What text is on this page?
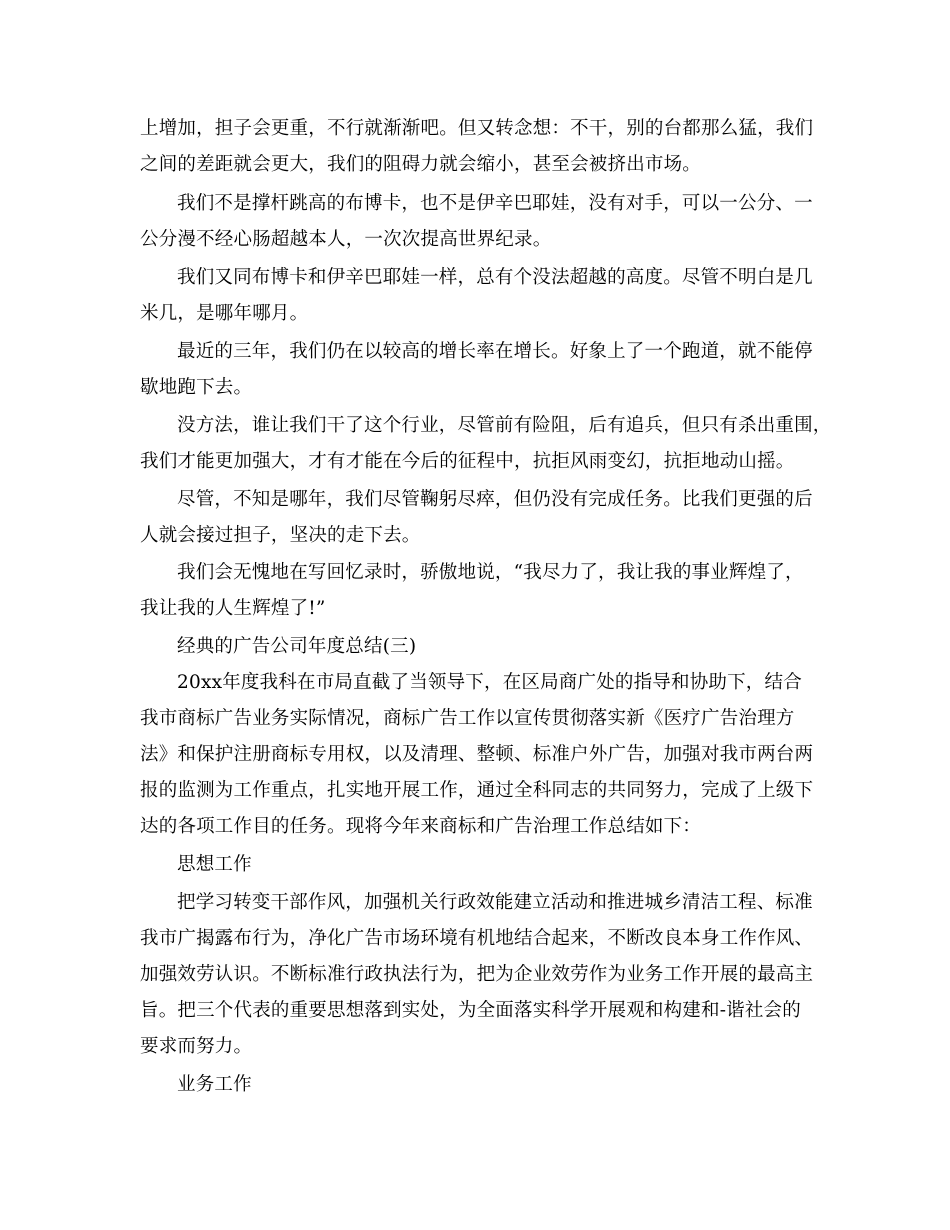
上增加，担子会更重，不行就渐渐吧。但又转念想：不干，别的台都那么猛，我们

之间的差距就会更大，我们的阻碍力就会缩小，甚至会被挤出市场。

我们不是撑杆跳高的布博卡，也不是伊辛巴耶娃，没有对手，可以一公分、一

公分漫不经心肠超越本人，一次次提高世界纪录。

我们又同布博卡和伊辛巴耶娃一样，总有个没法超越的高度。尽管不明白是几

米几，是哪年哪月。

最近的三年，我们仍在以较高的增长率在增长。好象上了一个跑道，就不能停

歇地跑下去。

没方法，谁让我们干了这个行业，尽管前有险阻，后有追兵，但只有杀出重围，

我们才能更加强大，才有才能在今后的征程中，抗拒风雨变幻，抗拒地动山摇。

尽管，不知是哪年，我们尽管鞠躬尽瘁，但仍没有完成任务。比我们更强的后

人就会接过担子，坚决的走下去。

我们会无愧地在写回忆录时，骄傲地说，“我尽力了，我让我的事业辉煌了，

我让我的人生辉煌了!”

经典的广告公司年度总结(三)

20xx年度我科在市局直截了当领导下，在区局商广处的指导和协助下，结合

我市商标广告业务实际情况，商标广告工作以宣传贯彻落实新《医疗广告治理方

法》和保护注册商标专用权，以及清理、整顿、标准户外广告，加强对我市两台两

报的监测为工作重点，扎实地开展工作，通过全科同志的共同努力，完成了上级下

达的各项工作目的任务。现将今年来商标和广告治理工作总结如下：

思想工作

把学习转变干部作风，加强机关行政效能建立活动和推进城乡清洁工程、标准

我市广揭露布行为，净化广告市场环境有机地结合起来，不断改良本身工作作风、

加强效劳认识。不断标准行政执法行为，把为企业效劳作为业务工作开展的最高主

旨。把三个代表的重要思想落到实处，为全面落实科学开展观和构建和-谐社会的

要求而努力。

业务工作
